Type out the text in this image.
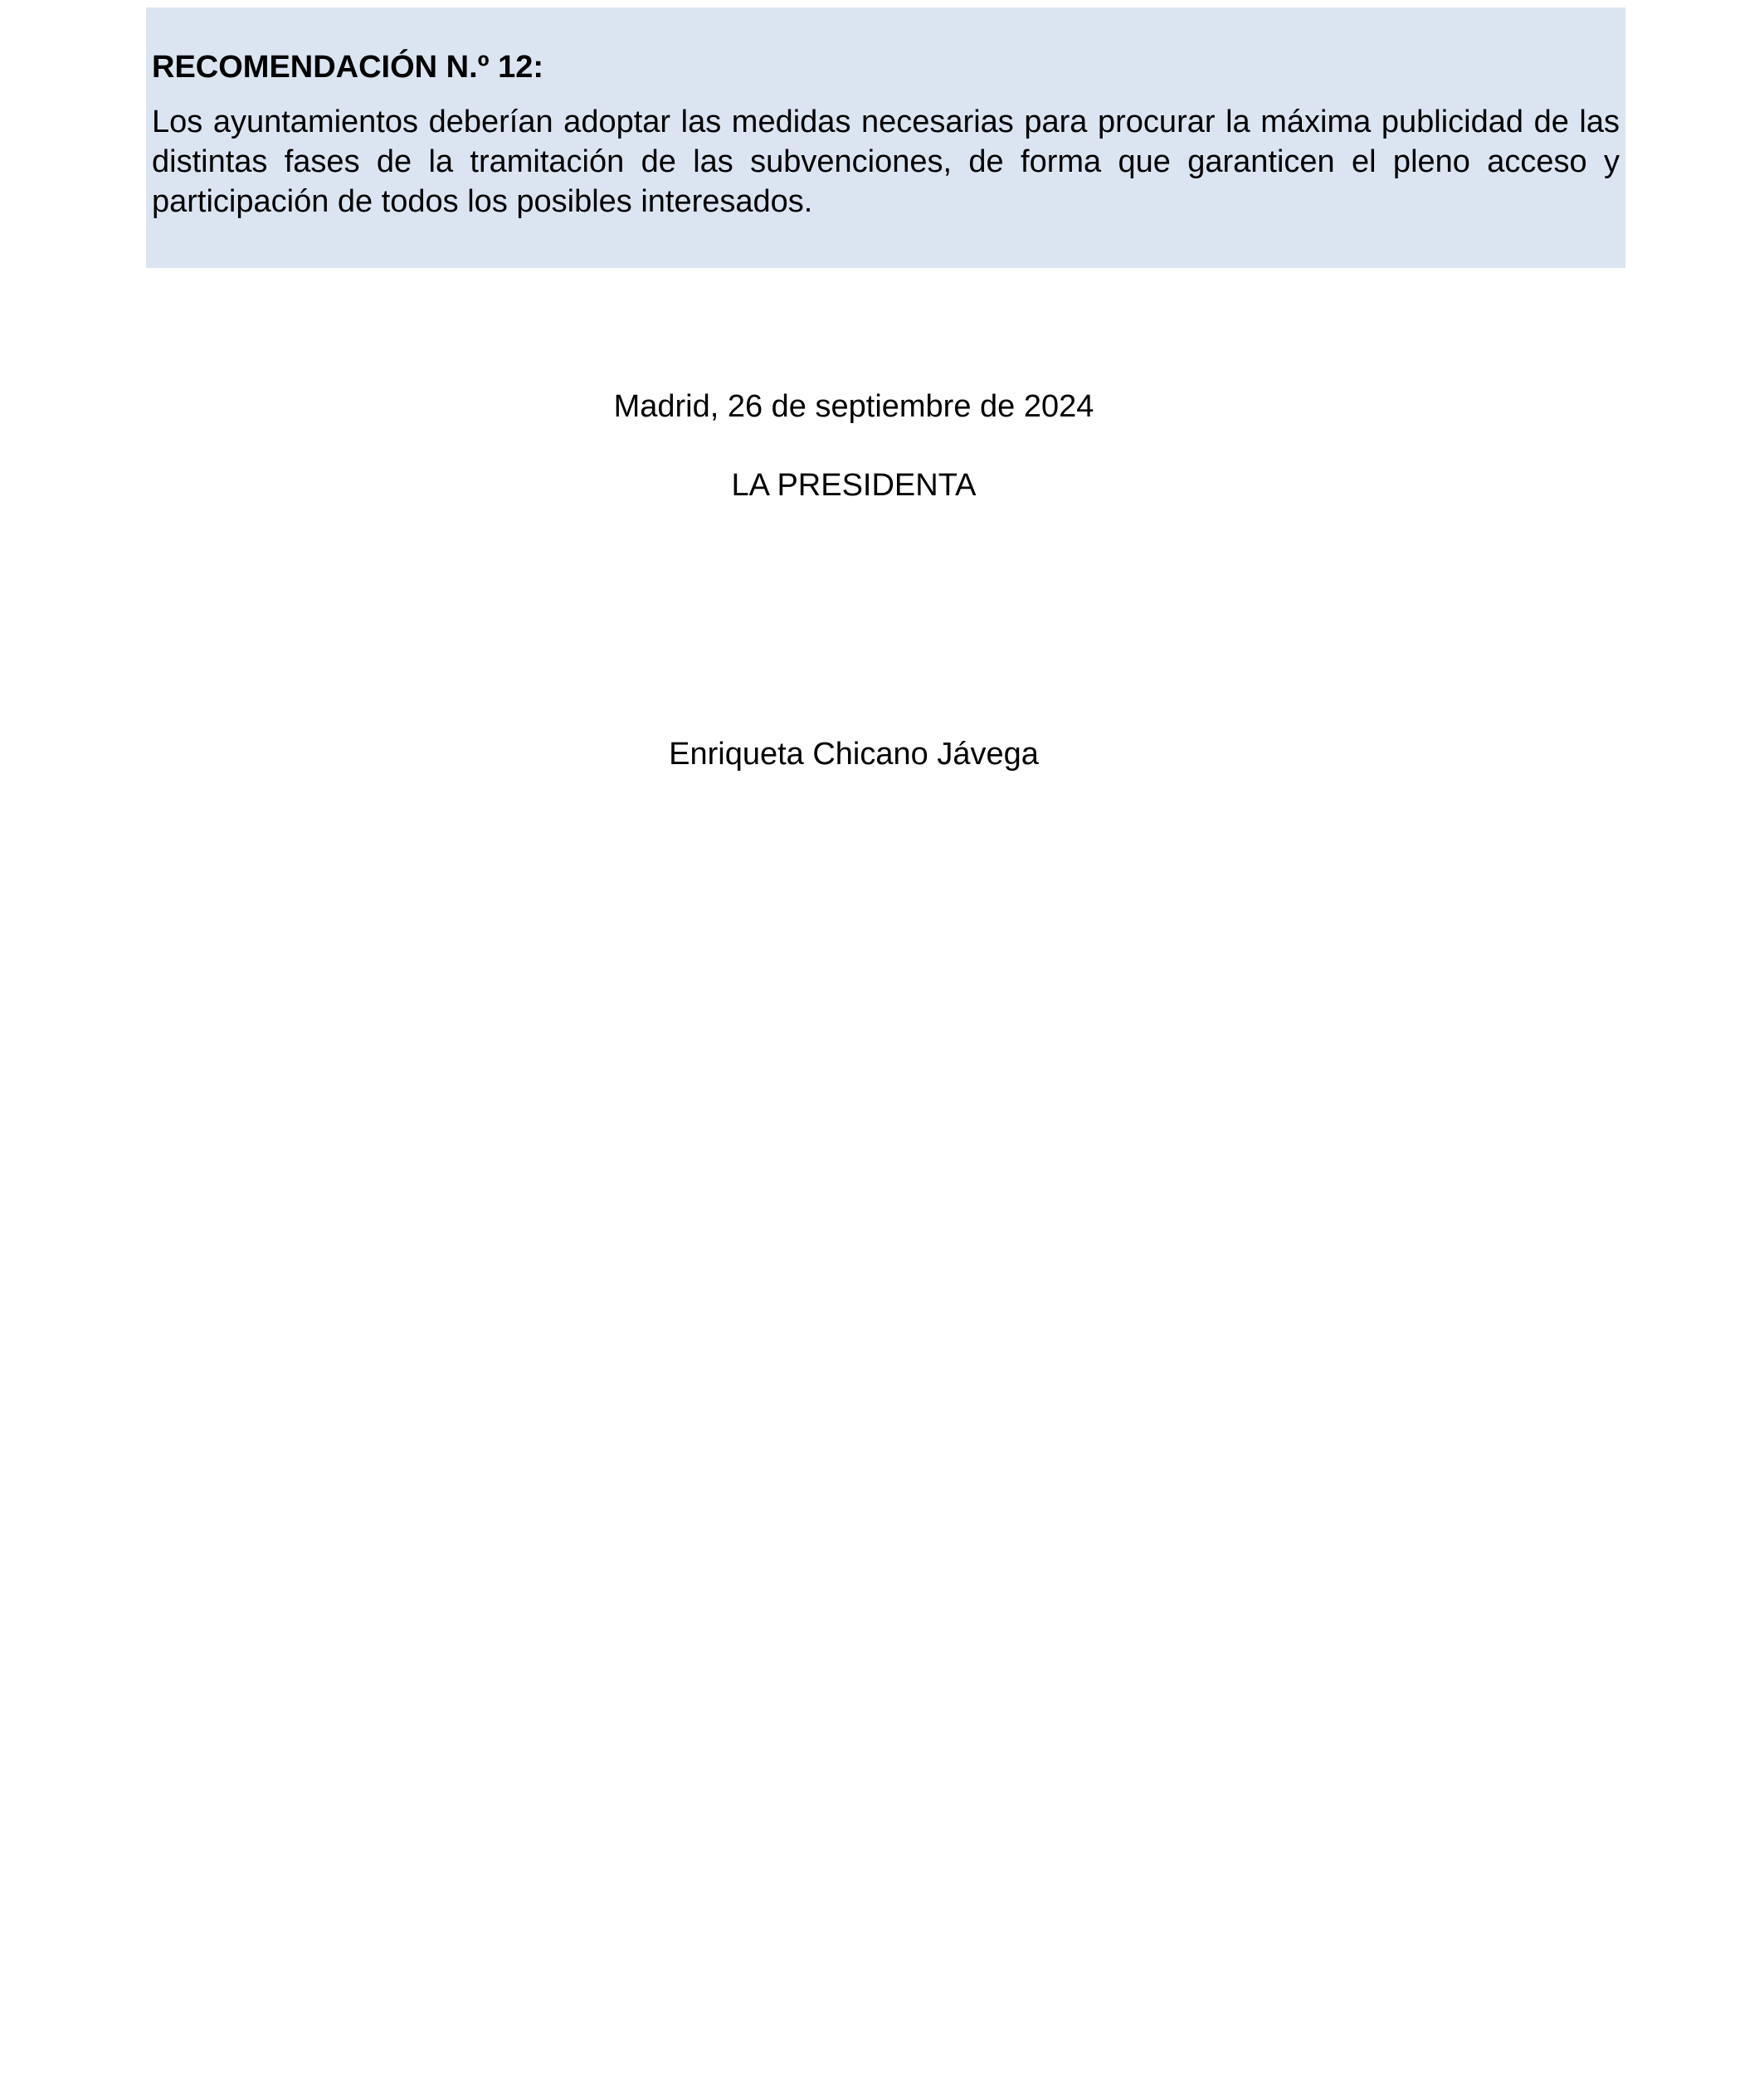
RECOMENDACIÓN N.º 12:

Los ayuntamientos deberían adoptar las medidas necesarias para procurar la máxima publicidad de las distintas fases de la tramitación de las subvenciones, de forma que garanticen el pleno acceso y participación de todos los posibles interesados.

Madrid, 26 de septiembre de 2024
LA PRESIDENTA
Enriqueta Chicano Jávega
